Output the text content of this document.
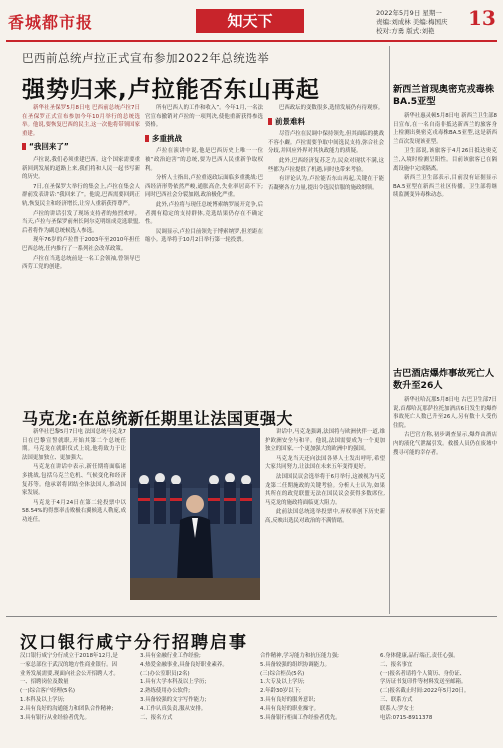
香城都市报	知天下	2022年5月9日 星期一
责编:刘成林 美编:梅国庆
校对:方勇 版式:刘艳
13
巴西前总统卢拉正式宣布参加2022年总统选举
强势归来,卢拉能否东山再起

新华社圣保罗5月8日电 巴西前总统卢拉7日在圣保罗正式宣布参加今年10月举行的总统选举。他说,要恢复巴西的民主,这一次他将带领国家重建。

“我回来了”

卢拉说,我们必须重建巴西。这个国家需要重新回到发展的道路上来,我们将和人民一起书写新的历史。

7日,在圣保罗大举行的集会上,卢拉在集会人群前发表讲话:“我回来了”。他说,巴西需要回到正轨,恢复民主和经济增长,让穷人重新获得尊严。

卢拉的讲话引发了现场支持者的热烈欢呼。当天,卢拉与圣保罗前州长阿尔克明组成竞选联盟,后者将作为副总统候选人参选。

现年76岁的卢拉曾于2003年至2010年担任巴西总统,任内推行了一系列社会改革政策。

卢拉在当选总统前是一名工会领袖,曾领导巴西劳工党的创建。

所有巴西人的工作和收入”。今年1月,一名法官宣布撤销对卢拉的一项判决,使他重新获得参选资格。

多重挑战

卢拉在演讲中说,他是巴西历史上唯一一位被“政治迫害”的总统,要为巴西人民重新争取权利。

分析人士指出,卢拉重返政坛面临多重挑战:巴西经济形势依然严峻,通胀高企,失业率居高不下;同时巴西社会分裂加剧,政治极化严重。

此外,卢拉将与现任总统博索纳罗展开竞争,后者拥有稳定的支持群体,竞选结果仍存在不确定性。

民调显示,卢拉目前领先于博索纳罗,但差距在缩小。选举将于10月2日举行第一轮投票。

巴西政坛的变数很多,选情发展仍有待观察。

前景难料

尽管卢拉在民调中保持领先,但其面临的挑战不容小觑。卢拉需要争取中间选民支持,弥合社会分歧,并回应外界对其执政能力的质疑。

此外,巴西经济复苏乏力,民众对现状不满,这些都为卢拉提供了机遇,同时也带来考验。

有评论认为,卢拉能否东山再起,关键在于能否凝聚各方力量,提出令选民信服的施政纲领。

新西兰首现奥密克戎毒株BA.5亚型

新华社惠灵顿5月8日电 新西兰卫生部8日宣布,在一名自南非抵达新西兰的旅客身上检测出奥密克戎毒株BA.5亚型,这是新西兰首次发现该亚型。

卫生部说,该旅客于4月26日抵达奥克兰,入境时检测呈阳性。目前该旅客已在隔离设施中完成隔离。

新西兰卫生部表示,目前没有证据显示BA.5亚型在新西兰社区传播。卫生部将继续监测变异毒株动态。

古巴酒店爆炸事故死亡人数升至26人

新华社哈瓦那5月8日电 古巴卫生部7日说,首都哈瓦那萨拉托加酒店6日发生的爆炸事故死亡人数已升至26人,另有数十人受伤住院。

古巴官方称,初步调查显示,爆炸由酒店内的液化气泄漏引发。救援人员仍在废墟中搜寻可能的幸存者。

马克龙:在总统新任期里让法国更强大

新华社巴黎5月7日电 法国总统马克龙7日在巴黎宣誓就职,开始其第二个总统任期。马克龙在就职仪式上说,他将致力于让法国更加独立、更加强大。

马克龙在讲话中表示,新任期将面临诸多挑战,包括乌克兰危机、气候变化和经济复苏等。他承诺将团结全体法国人,推动国家发展。

马克龙于4月24日在第二轮投票中以58.54%的得票率击败极右翼候选人勒庞,成功连任。

讲话中,马克龙强调,法国将与欧洲伙伴一道,维护欧洲安全与和平。他说,法国需要成为一个更加独立的国家,一个更加强大的欧洲中的强国。

马克龙当天还向法国各界人士发出呼吁,希望大家共同努力,让法国在未来五年变得更好。

法国国民议会选举将于6月举行,这被视为马克龙第二任期施政的关键考验。分析人士认为,如果其所在的政党联盟无法在国民议会获得多数席位,马克龙的施政将面临更大阻力。

此前法国总统选举投票中,弃权率创下历史新高,反映出选民对政治的不满情绪。

汉口银行咸宁分行招聘启事
汉口银行咸宁分行成立于2018年12月,是
一家总部位于武汉的地方性商业银行。因
业务发展需要,现面向社会公开招聘人才。
一、招聘岗位及数量
(一)综合客户经理(5名)
1.本科及以上学历;
2.具有良好的沟通能力和团队合作精神;
3.具有银行从业经验者优先。
3.具有金融行业工作经验;
4.热爱金融事业,具备良好职业素养。
(二)办公室职员(2名)
1.具有大学本科及以上学历;
2.熟练使用办公软件;
3.具备较强的文字写作能力;
4.工作认真负责,服从安排。
二、报名方式
合作精神,学习能力和抗压能力强;
5.具备较强的组织协调能力。
(三)综合柜员(5名)
1.大专及以上学历;
2.年龄30岁以下;
3.具有良好的服务意识;
4.具有良好的职业操守。
5.具备银行柜面工作经验者优先。
6.身体健康,品行端正,责任心强。
二、报名事宜
(一)报名者请将个人简历、身份证、
学历证书复印件等材料发送至邮箱。
(二)报名截止时间:2022年5月20日。
三、联系方式
联系人:罗女士
电话:0715-8911378
